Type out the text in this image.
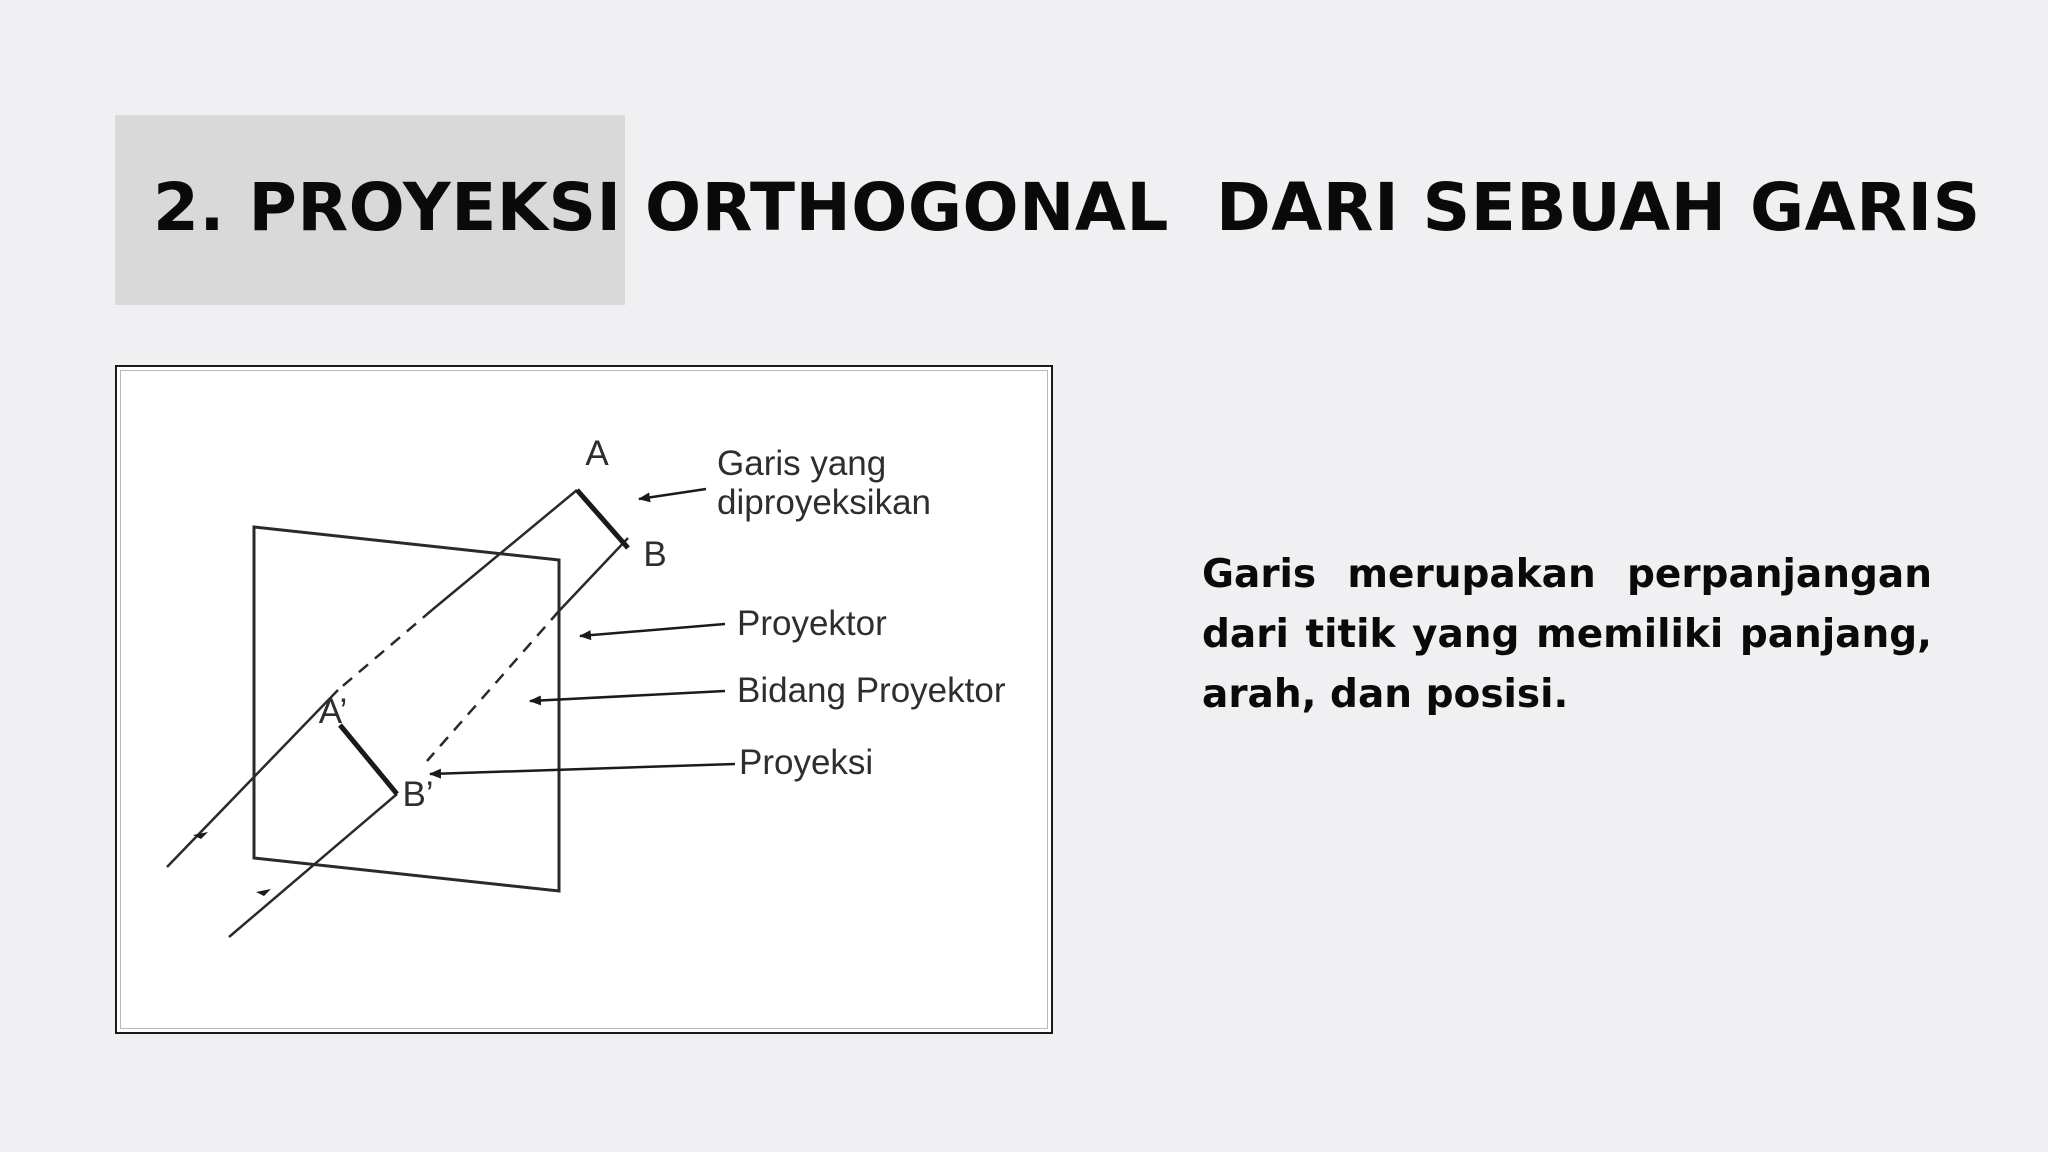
2. PROYEKSI ORTHOGONAL  DARI SEBUAH GARIS
A
B
A’
B’
Garis yang
diproyeksikan
Proyektor
Bidang Proyektor
Proyeksi

Garis merupakan perpanjangan dari titik yang memiliki panjang, arah, dan posisi.
